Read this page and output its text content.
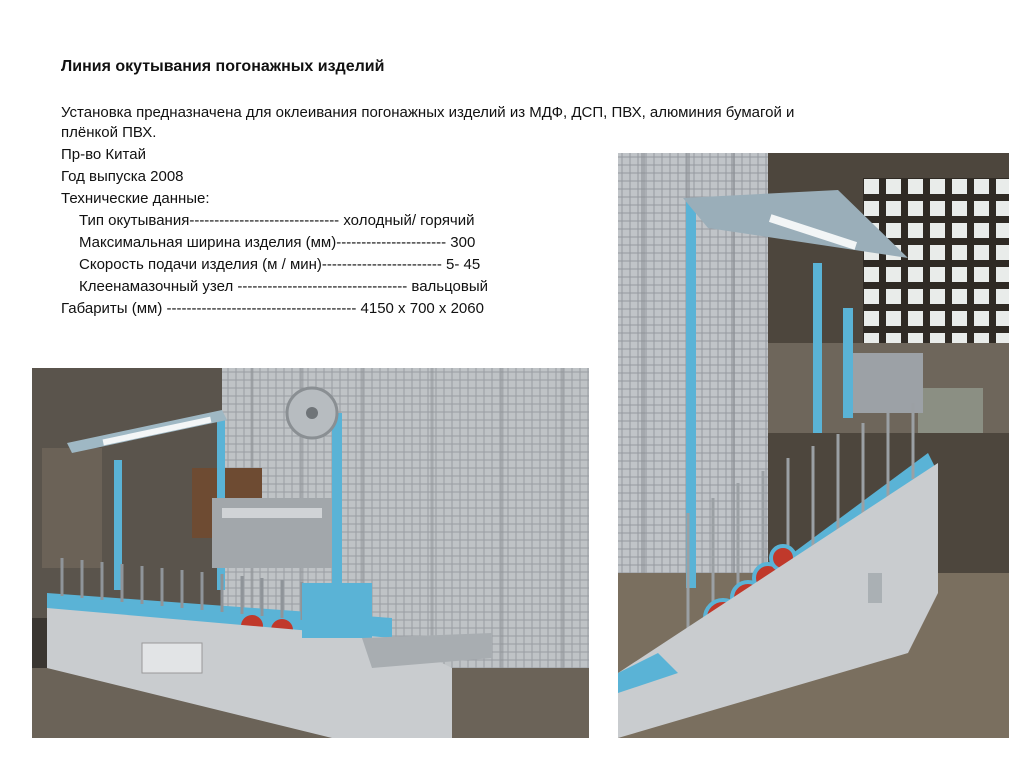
Линия окутывания погонажных изделий
Установка предназначена для оклеивания погонажных изделий из МДФ, ДСП, ПВХ, алюминия бумагой и
плёнкой ПВХ.
Пр-во Китай
Год выпуска 2008
Технические данные:
Тип окутывания------------------------------ холодный/ горячий
Максимальная ширина изделия (мм)---------------------- 300
Скорость подачи изделия (м / мин)------------------------ 5- 45
Клеенамазочный узел ---------------------------------- вальцовый
Габариты (мм) -------------------------------------- 4150 х 700 х 2060
